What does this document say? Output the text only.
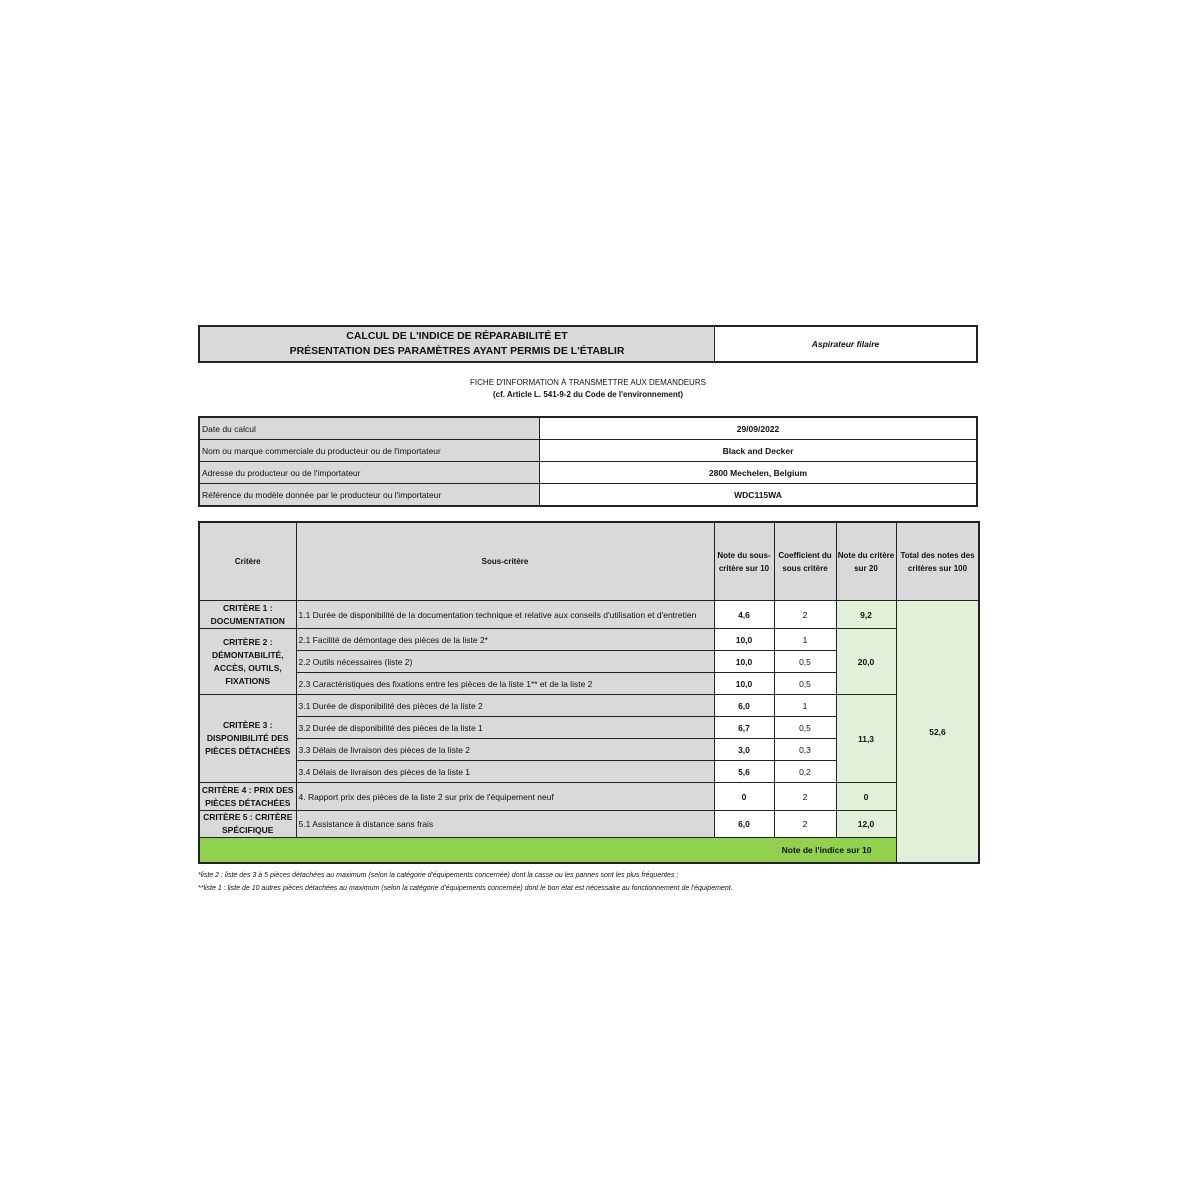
CALCUL DE L'INDICE DE RÉPARABILITÉ ET
PRÉSENTATION DES PARAMÈTRES AYANT PERMIS DE L'ÉTABLIR
	Aspirateur filaire
FICHE D'INFORMATION À TRANSMETTRE AUX DEMANDEURS
(cf. Article L. 541-9-2 du Code de l'environnement)
Date du calcul	29/09/2022
Nom ou marque commerciale du producteur ou de l'importateur	Black and Decker
Adresse du producteur ou de l'importateur	2800 Mechelen, Belgium
Référence du modèle donnée par le producteur ou l'importateur	WDC115WA
Critère	Sous-critère	Note du sous-critère sur 10	Coefficient du sous critère	Note du critère sur 20	Total des notes des critères sur 100	
CRITÈRE 1 : DOCUMENTATION	1.1 Durée de disponibilité de la documentation technique et relative aux conseils d'utilisation et d'entretien	4,6	2	9,2	52,6	
CRITÈRE 2 : DÉMONTABILITÉ, ACCÈS, OUTILS, FIXATIONS	2.1 Facilité de démontage des pièces de la liste 2*	10,0	1	20,0		
	2.2 Outils nécessaires (liste 2)	10,0	0,5			
	2.3 Caractéristiques des fixations entre les pièces de la liste 1** et de la liste 2	10,0	0,5			
CRITÈRE 3 : DISPONIBILITÉ DES PIÈCES DÉTACHÉES	3.1 Durée de disponibilité des pièces de la liste 2	6,0	1	11,3		
	3.2 Durée de disponibilité des pièces de la liste 1	6,7	0,5			
	3.3 Délais de livraison des pièces de la liste 2	3,0	0,3			
	3.4 Délais de livraison des pièces de la liste 1	5,6	0,2			
CRITÈRE 4 : PRIX DES PIÈCES DÉTACHÉES	4. Rapport prix des pièces de la liste 2 sur prix de l'équipement neuf	0	2	0		
CRITÈRE 5 : CRITÈRE SPÉCIFIQUE	5.1 Assistance à distance sans frais	6,0	2	12,0		
Note de l'indice sur 10	
*liste 2 : liste des 3 à 5 pièces détachées au maximum (selon la catégorie d'équipements concernée) dont la casse ou les pannes sont les plus fréquentes ;
**liste 1 : liste de 10 autres pièces détachées au maximum (selon la catégorie d'équipements concernée) dont le bon état est nécessaire au fonctionnement de l'équipement.
